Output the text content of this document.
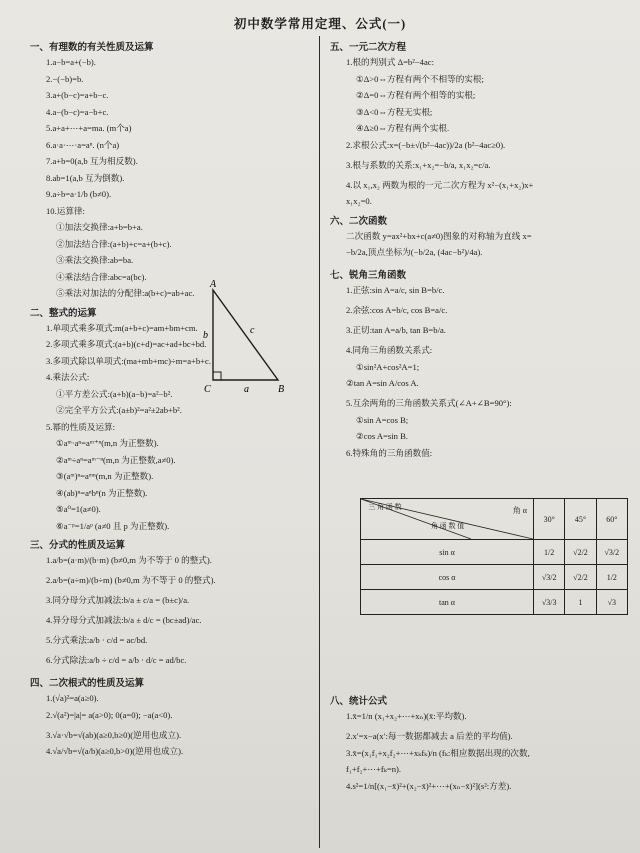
初中数学常用定理、公式(一)
一、有理数的有关性质及运算
1.a−b=a+(−b).
2.−(−b)=b.
3.a+(b−c)=a+b−c.
4.a−(b−c)=a−b+c.
5.a+a+⋯+a=ma. (m个a)
6.a·a·⋯·a=aⁿ. (n个a)
7.a+b=0(a,b 互为相反数).
8.ab=1(a,b 互为倒数).
9.a÷b=a·1/b (b≠0).
10.运算律:
①加法交换律:a+b=b+a.
②加法结合律:(a+b)+c=a+(b+c).
③乘法交换律:ab=ba.
④乘法结合律:abc=a(bc).
⑤乘法对加法的分配律:a(b+c)=ab+ac.
二、整式的运算
1.单项式乘多项式:m(a+b+c)=am+bm+cm.
2.多项式乘多项式:(a+b)(c+d)=ac+ad+bc+bd.
3.多项式除以单项式:(ma+mb+mc)÷m=a+b+c.
4.乘法公式:
①平方差公式:(a+b)(a−b)=a²−b².
②完全平方公式:(a±b)²=a²±2ab+b².
5.幂的性质及运算:
①aᵐ·aⁿ=aᵐ⁺ⁿ(m,n 为正整数).
②aᵐ÷aⁿ=aᵐ⁻ⁿ(m,n 为正整数,a≠0).
③(aᵐ)ⁿ=aᵐⁿ(m,n 为正整数).
④(ab)ⁿ=aⁿbⁿ(n 为正整数).
⑤a⁰=1(a≠0).
⑥a⁻ᵖ=1/aᵖ (a≠0 且 p 为正整数).
三、分式的性质及运算
1.a/b=(a·m)/(b·m) (b≠0,m 为不等于 0 的整式).
2.a/b=(a÷m)/(b÷m) (b≠0,m 为不等于 0 的整式).
3.同分母分式加减法:b/a ± c/a = (b±c)/a.
4.异分母分式加减法:b/a ± d/c = (bc±ad)/ac.
5.分式乘法:a/b · c/d = ac/bd.
6.分式除法:a/b ÷ c/d = a/b · d/c = ad/bc.
四、二次根式的性质及运算
1.(√a)²=a(a≥0).
2.√(a²)=|a|= a(a>0); 0(a=0); −a(a<0).
3.√a·√b=√(ab)(a≥0,b≥0)(逆用也成立).
4.√a/√b=√(a/b)(a≥0,b>0)(逆用也成立).
五、一元二次方程
1.根的判别式 Δ=b²−4ac:
①Δ>0⇔方程有两个不相等的实根;
②Δ=0⇔方程有两个相等的实根;
③Δ<0⇔方程无实根;
④Δ≥0⇔方程有两个实根.
2.求根公式:x=(−b±√(b²−4ac))/2a (b²−4ac≥0).
3.根与系数的关系:x₁+x₂=−b/a, x₁x₂=c/a.
4.以 x₁,x₂ 两数为根的一元二次方程为 x²−(x₁+x₂)x+
x₁x₂=0.
六、二次函数
二次函数 y=ax²+bx+c(a≠0)图象的对称轴为直线 x=
−b/2a,顶点坐标为(−b/2a, (4ac−b²)/4a).
七、锐角三角函数
1.正弦:sin A=a/c, sin B=b/c.
2.余弦:cos A=b/c, cos B=a/c.
3.正切:tan A=a/b, tan B=b/a.
4.同角三角函数关系式:
①sin²A+cos²A=1;
②tan A=sin A/cos A.
5.互余两角的三角函数关系式(∠A+∠B=90°):
①sin A=cos B;
②cos A=sin B.
6.特殊角的三角函数值:
A
C	B
b
a
c
角 α
角 函 数 值
三 角 函 数	30°	45°	60°
sin α	1/2	√2/2	√3/2
cos α	√3/2	√2/2	1/2
tan α	√3/3	1	√3
八、统计公式
1.x̄=1/n (x₁+x₂+⋯+xₙ)(x̄:平均数).
2.x′=x−a(x′:每一数据都减去 a 后差的平均值).
3.x̄=(x₁f₁+x₂f₂+⋯+xₖfₖ)/n (fₖ:相应数据出现的次数,
f₁+f₂+⋯+fₖ=n).
4.s²=1/n[(x₁−x̄)²+(x₂−x̄)²+⋯+(xₙ−x̄)²](s²:方差).
